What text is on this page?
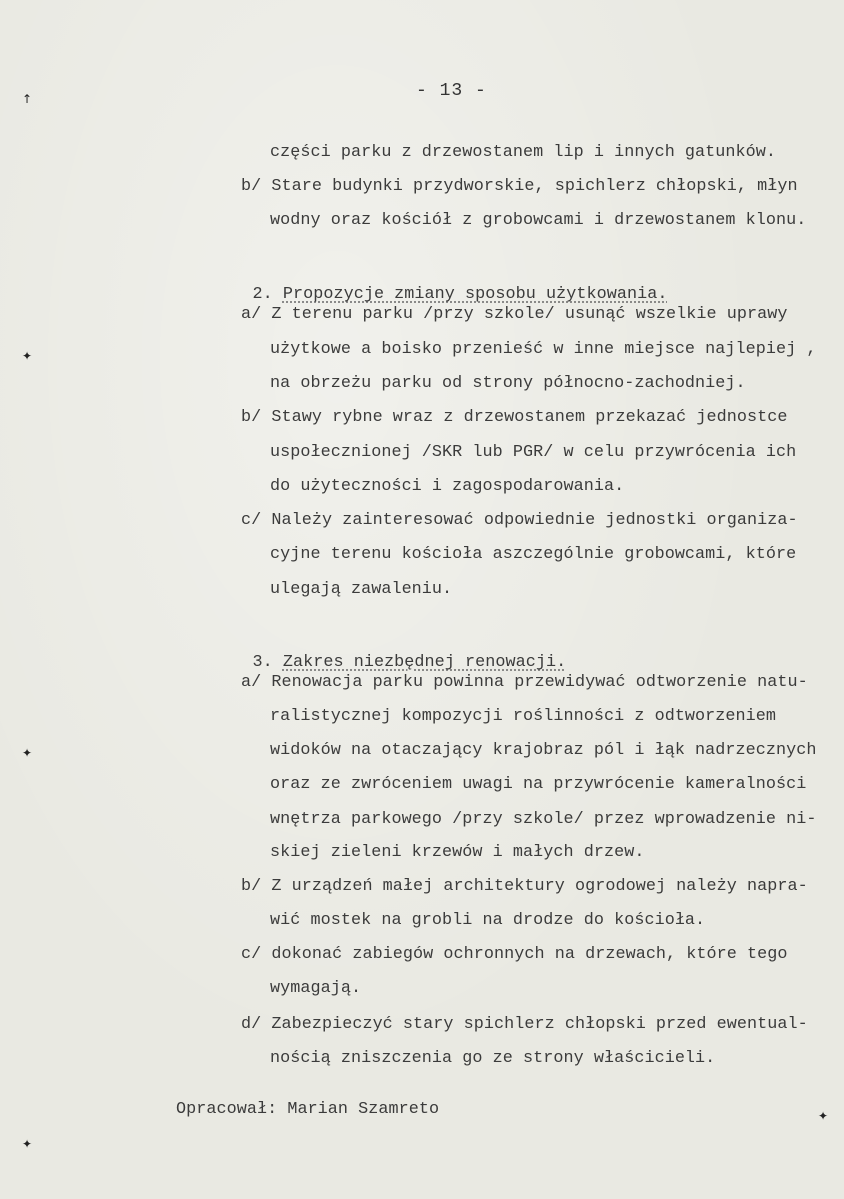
↑
✦
✦
✦
✦
- 13 -
części parku z drzewostanem lip i innych gatunków.
b/ Stare budynki przydworskie, spichlerz chłopski, młyn
wodny oraz kościół z grobowcami i drzewostanem klonu.

2. Propozycje zmiany sposobu użytkowania.

a/ Z terenu parku /przy szkole/ usunąć wszelkie uprawy
użytkowe a boisko przenieść w inne miejsce najlepiej ,
na obrzeżu parku od strony północno-zachodniej.
b/ Stawy rybne wraz z drzewostanem przekazać jednostce
uspołecznionej /SKR lub PGR/ w celu przywrócenia ich
do użyteczności i zagospodarowania.
c/ Należy zainteresować odpowiednie jednostki organiza-
cyjne terenu kościoła aszczególnie grobowcami, które
ulegają zawaleniu.

3. Zakres niezbędnej renowacji.

a/ Renowacja parku powinna przewidywać odtworzenie natu-
ralistycznej kompozycji roślinności z odtworzeniem
widoków na otaczający krajobraz pól i łąk nadrzecznych
oraz ze zwróceniem uwagi na przywrócenie kameralności
wnętrza parkowego /przy szkole/ przez wprowadzenie ni-
skiej zieleni krzewów i małych drzew.
b/ Z urządzeń małej architektury ogrodowej należy napra-
wić mostek na grobli na drodze do kościoła.
c/ dokonać zabiegów ochronnych na drzewach, które tego
wymagają.
d/ Zabezpieczyć stary spichlerz chłopski przed ewentual-
nością zniszczenia go ze strony właścicieli.
Opracował: Marian Szamreto
